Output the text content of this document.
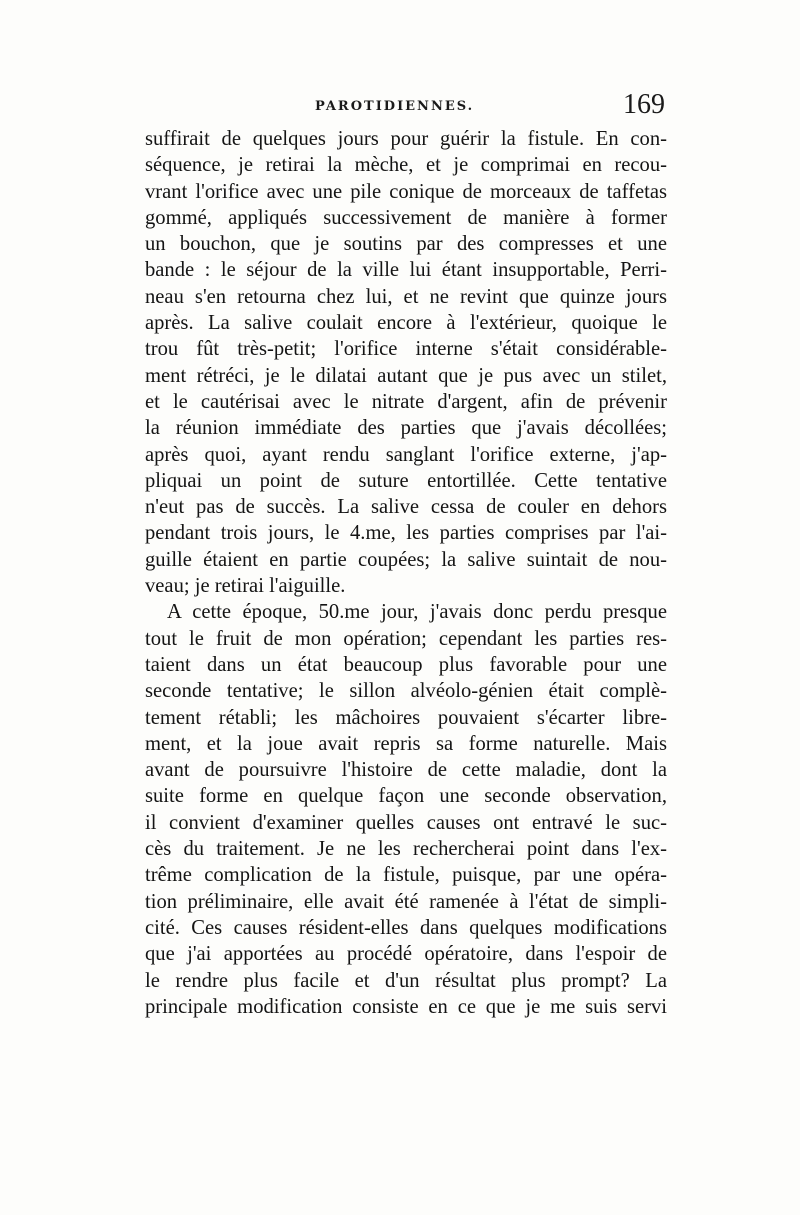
PAROTIDIENNES.	169
suffirait de quelques jours pour guérir la fistule. En con-
séquence, je retirai la mèche, et je comprimai en recou-
vrant l'orifice avec une pile conique de morceaux de taffetas
gommé, appliqués successivement de manière à former
un bouchon, que je soutins par des compresses et une
bande : le séjour de la ville lui étant insupportable, Perri-
neau s'en retourna chez lui, et ne revint que quinze jours
après. La salive coulait encore à l'extérieur, quoique le
trou fût très-petit; l'orifice interne s'était considérable-
ment rétréci, je le dilatai autant que je pus avec un stilet,
et le cautérisai avec le nitrate d'argent, afin de prévenir
la réunion immédiate des parties que j'avais décollées;
après quoi, ayant rendu sanglant l'orifice externe, j'ap-
pliquai un point de suture entortillée. Cette tentative
n'eut pas de succès. La salive cessa de couler en dehors
pendant trois jours, le 4.me, les parties comprises par l'ai-
guille étaient en partie coupées; la salive suintait de nou-
veau; je retirai l'aiguille.
A cette époque, 50.me jour, j'avais donc perdu presque
tout le fruit de mon opération; cependant les parties res-
taient dans un état beaucoup plus favorable pour une
seconde tentative; le sillon alvéolo-génien était complè-
tement rétabli; les mâchoires pouvaient s'écarter libre-
ment, et la joue avait repris sa forme naturelle. Mais
avant de poursuivre l'histoire de cette maladie, dont la
suite forme en quelque façon une seconde observation,
il convient d'examiner quelles causes ont entravé le suc-
cès du traitement. Je ne les rechercherai point dans l'ex-
trême complication de la fistule, puisque, par une opéra-
tion préliminaire, elle avait été ramenée à l'état de simpli-
cité. Ces causes résident-elles dans quelques modifications
que j'ai apportées au procédé opératoire, dans l'espoir de
le rendre plus facile et d'un résultat plus prompt? La
principale modification consiste en ce que je me suis servi
